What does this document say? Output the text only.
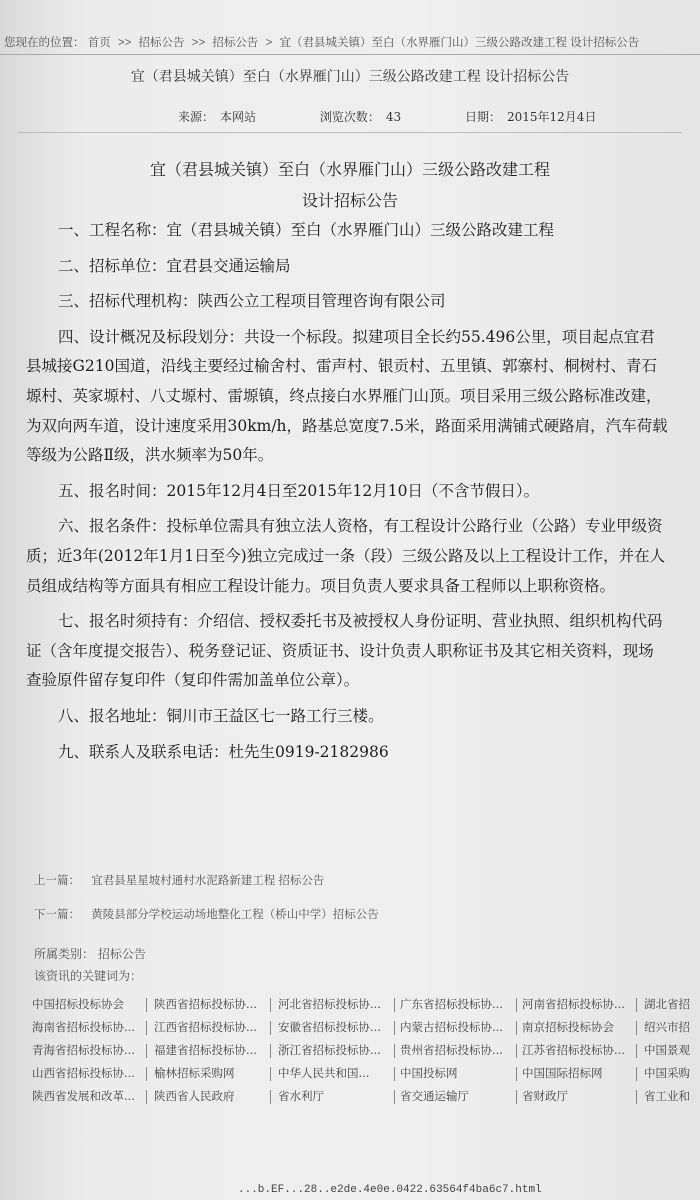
您现在的位置： 首页 >> 招标公告 >> 招标公告 > 宜（君县城关镇）至白（水界雁门山）三级公路改建工程 设计招标公告
宜（君县城关镇）至白（水界雁门山）三级公路改建工程 设计招标公告
来源： 本网站	浏览次数： 43	日期： 2015年12月4日
宜（君县城关镇）至白（水界雁门山）三级公路改建工程
设计招标公告

一、工程名称：宜（君县城关镇）至白（水界雁门山）三级公路改建工程

二、招标单位：宜君县交通运输局

三、招标代理机构：陕西公立工程项目管理咨询有限公司

四、设计概况及标段划分：共设一个标段。拟建项目全长约55.496公里，项目起点宜君县城接G210国道，沿线主要经过榆舍村、雷声村、银贡村、五里镇、郭寨村、桐树村、青石塬村、英家塬村、八丈塬村、雷塬镇，终点接白水界雁门山顶。项目采用三级公路标准改建，为双向两车道，设计速度采用30km/h，路基总宽度7.5米，路面采用满铺式硬路肩，汽车荷载等级为公路Ⅱ级，洪水频率为50年。

五、报名时间：2015年12月4日至2015年12月10日（不含节假日）。

六、报名条件：投标单位需具有独立法人资格，有工程设计公路行业（公路）专业甲级资质；近3年(2012年1月1日至今)独立完成过一条（段）三级公路及以上工程设计工作，并在人员组成结构等方面具有相应工程设计能力。项目负责人要求具备工程师以上职称资格。

七、报名时须持有：介绍信、授权委托书及被授权人身份证明、营业执照、组织机构代码证（含年度提交报告）、税务登记证、资质证书、设计负责人职称证书及其它相关资料，现场查验原件留存复印件（复印件需加盖单位公章）。

八、报名地址：铜川市王益区七一路工行三楼。

九、联系人及联系电话：杜先生0919-2182986

上一篇： 宜君县星星坡村通村水泥路新建工程 招标公告
下一篇： 黄陵县部分学校运动场地整化工程（桥山中学）招标公告
所属类别： 招标公告
该资讯的关键词为：
中国招标投标协会	陕西省招标投标协... 河北省招标投标协... 广东省招标投标协... 河南省招标投标协... 湖北省招
海南省招标投标协... 江西省招标投标协... 安徽省招标投标协... 内蒙古招标投标协... 南京招标投标协会	绍兴市招
青海省招标投标协... 福建省招标投标协... 浙江省招标投标协... 贵州省招标投标协... 江苏省招标投标协... 中国景观
山西省招标投标协... 榆林招标采购网	中华人民共和国...	中国投标网	中国国际招标网	中国采购
陕西省发展和改革... 陕西省人民政府	省水利厅	省交通运输厅	省财政厅	省工业和
...b.EF...28..e2de.4e0e.0422.63564f4ba6c7.html
